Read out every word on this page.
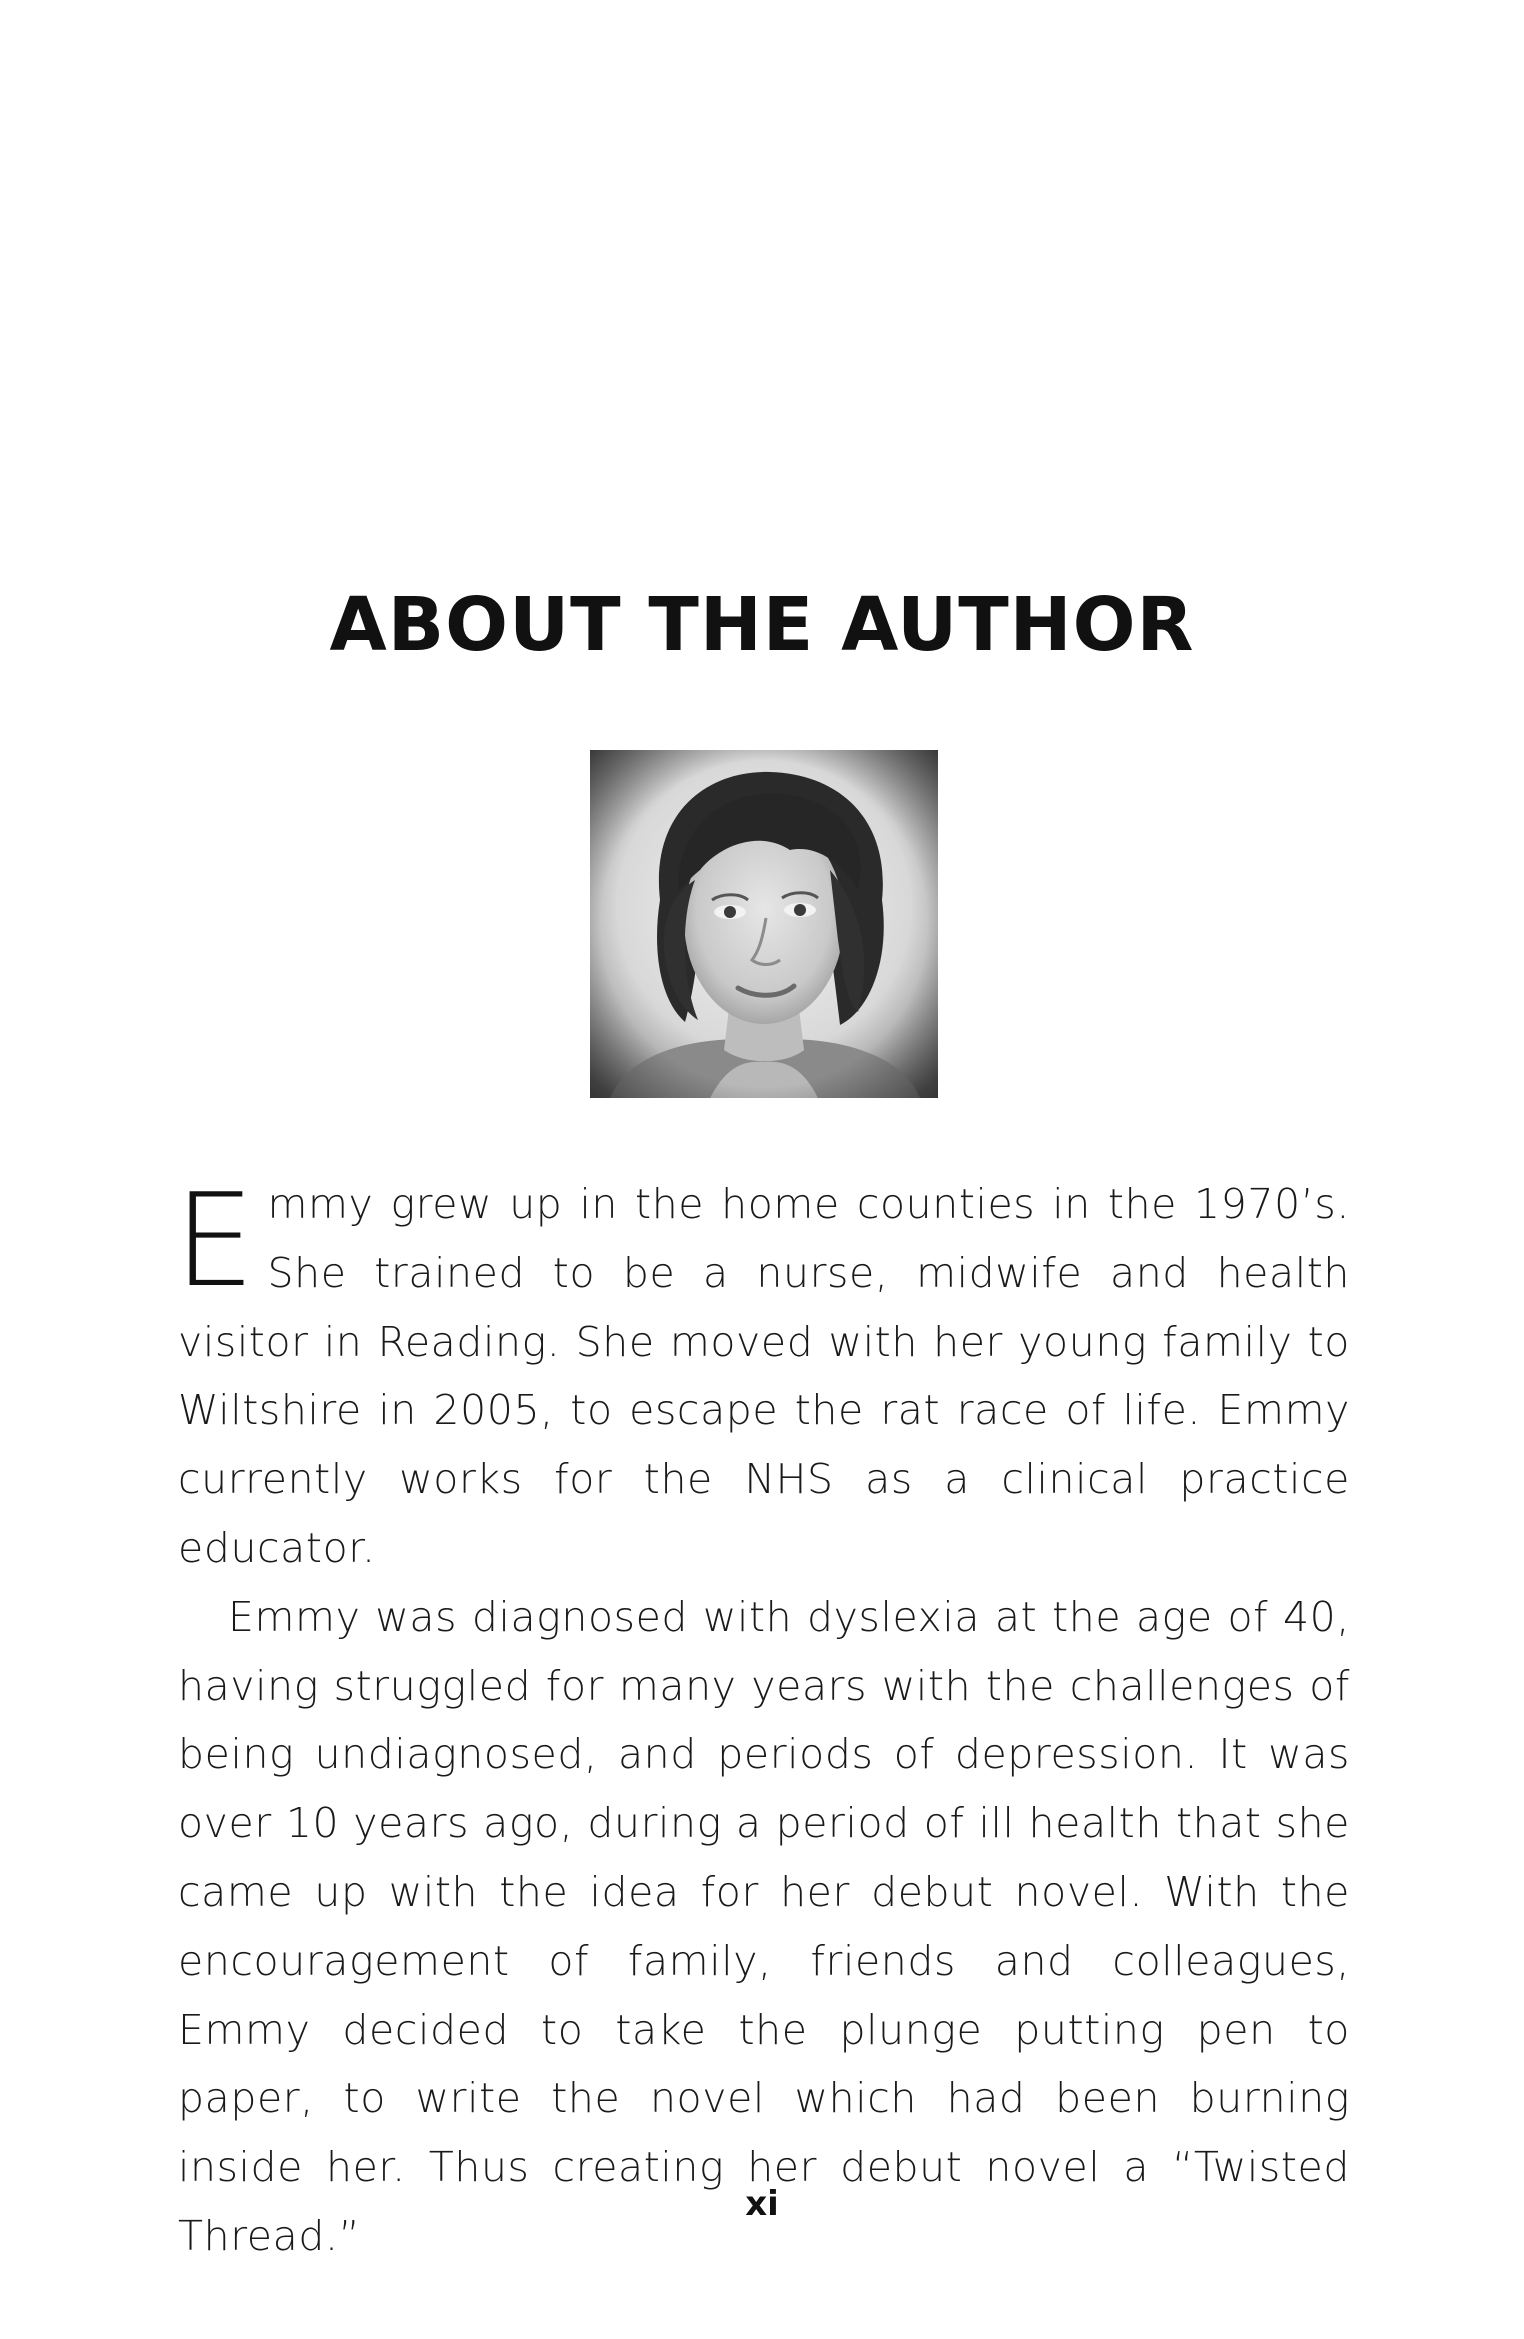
ABOUT THE AUTHOR

Emmy grew up in the home counties in the 1970’s. She trained to be a nurse, midwife and health visitor in Reading. She moved with her young family to Wiltshire in 2005, to escape the rat race of life. Emmy currently works for the NHS as a clinical practice educator.

Emmy was diagnosed with dyslexia at the age of 40, having struggled for many years with the challenges of being undiagnosed, and periods of depression. It was over 10 years ago, during a period of ill health that she came up with the idea for her debut novel. With the encouragement of family, friends and colleagues, Emmy decided to take the plunge putting pen to paper, to write the novel which had been burning inside her. Thus creating her debut novel a “Twisted Thread.”

xi
